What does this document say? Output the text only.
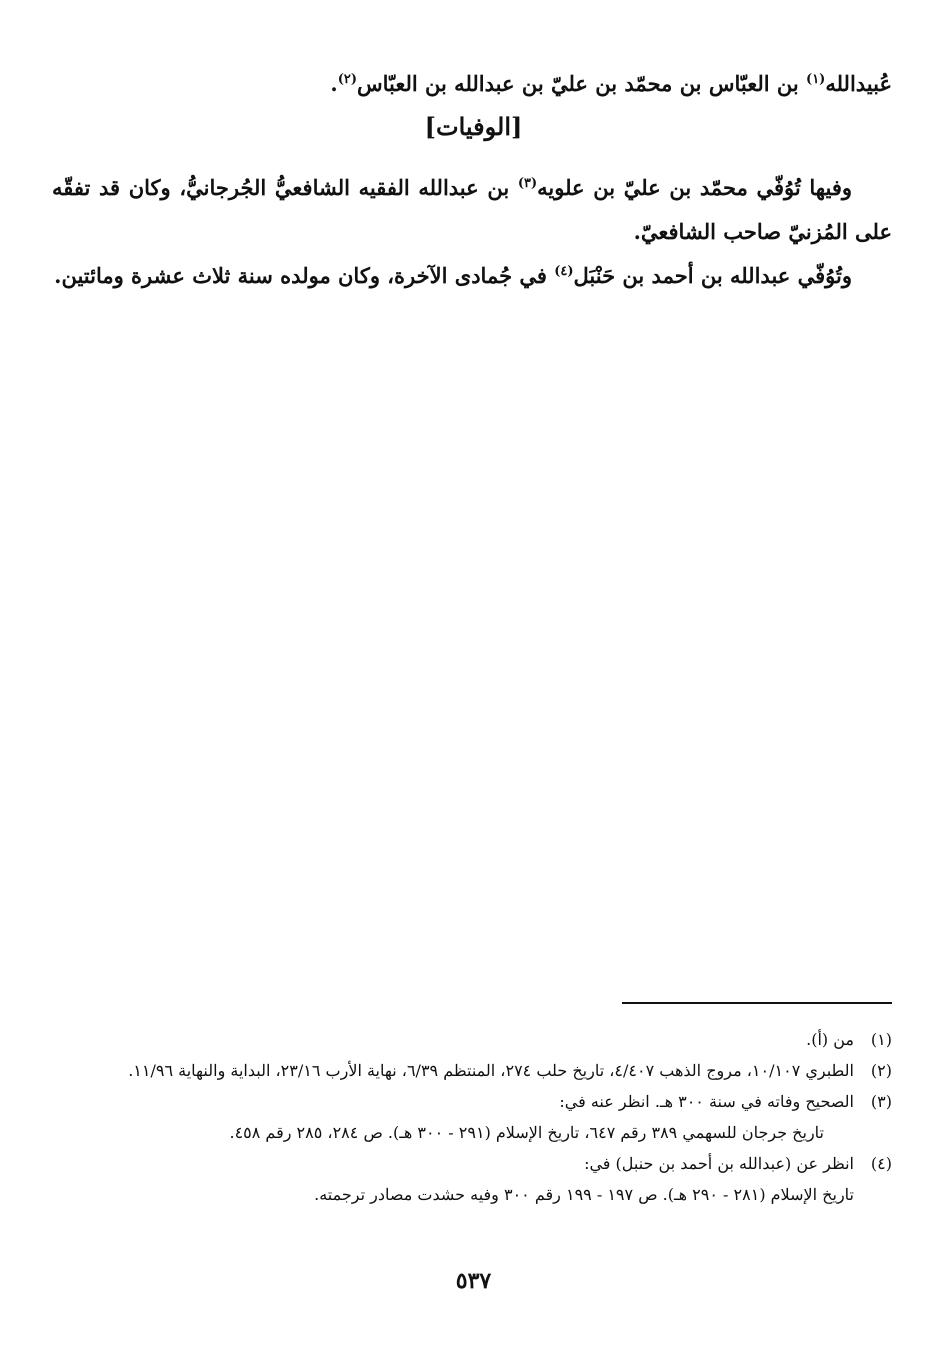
عُبيدالله$^{(١)}$ بن العبّاس بن محمّد بن عليّ بن عبدالله بن العبّاس$^{(٢)}$.
[الوفيات]
وفيها تُوُفّي محمّد بن عليّ بن علويه$^{(٣)}$ بن عبدالله الفقيه الشافعيُّ الجُرجانيُّ، وكان قد تفقّه على المُزنيّ صاحب الشافعيّ.
وتُوُفّي عبدالله بن أحمد بن حَنْبَل$^{(٤)}$ في جُمادى الآخرة، وكان مولده سنة ثلاث عشرة ومائتين.
(١)
من (أ).
(٢)
الطبري ١٠/١٠٧، مروج الذهب ٤/٤٠٧، تاريخ حلب ٢٧٤، المنتظم ٦/٣٩، نهاية الأرب ٢٣/١٦، البداية والنهاية ١١/٩٦.
(٣)
الصحيح وفاته في سنة ٣٠٠ هـ. انظر عنه في:
تاريخ جرجان للسهمي ٣٨٩ رقم ٦٤٧، تاريخ الإسلام (٢٩١ - ٣٠٠ هـ). ص ٢٨٤، ٢٨٥ رقم ٤٥٨.
(٤)
انظر عن (عبدالله بن أحمد بن حنبل) في:
تاريخ الإسلام (٢٨١ - ٢٩٠ هـ). ص ١٩٧ - ١٩٩ رقم ٣٠٠ وفيه حشدت مصادر ترجمته.
٥٣٧
